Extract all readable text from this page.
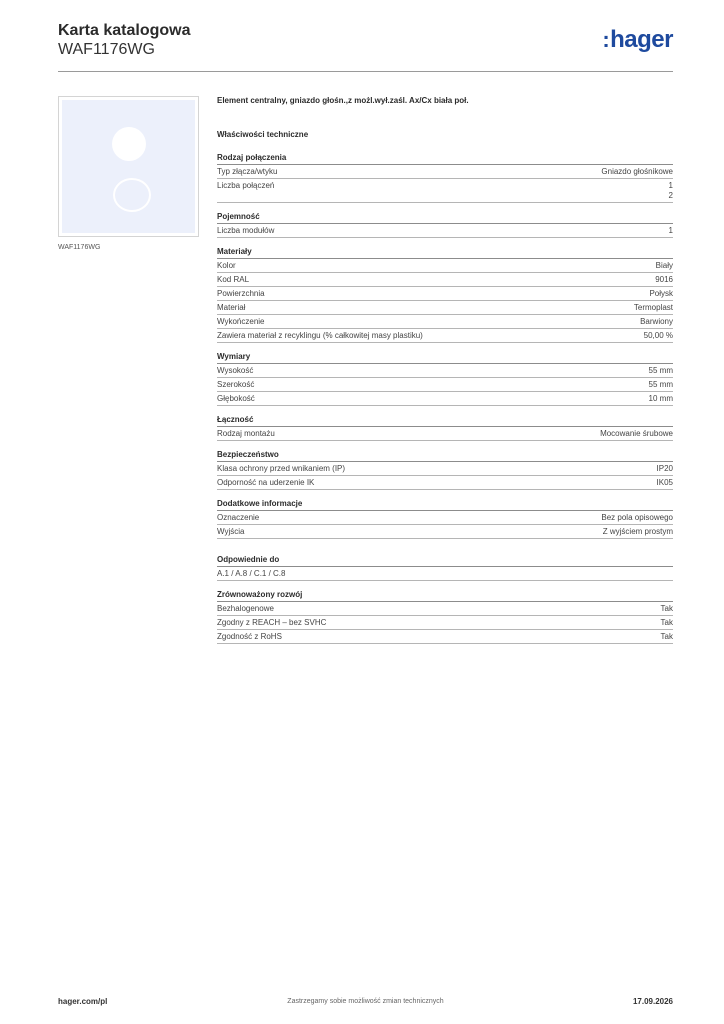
Karta katalogowa
WAF1176WG	:hager
WAF1176WG
Element centralny, gniazdo głośn.,z możl.wył.zaśl. Ax/Cx biała poł.
Właściwości techniczne
Rodzaj połączenia
Typ złącza/wtyku	Gniazdo głośnikowe
Liczba połączeń	1
2
Pojemność
Liczba modułów	1
Materiały
Kolor	Biały
Kod RAL	9016
Powierzchnia	Połysk
Materiał	Termoplast
Wykończenie	Barwiony
Zawiera materiał z recyklingu (% całkowitej masy plastiku)	50,00 %
Wymiary
Wysokość	55 mm
Szerokość	55 mm
Głębokość	10 mm
Łączność
Rodzaj montażu	Mocowanie śrubowe
Bezpieczeństwo
Klasa ochrony przed wnikaniem (IP)	IP20
Odporność na uderzenie IK	IK05
Dodatkowe informacje
Oznaczenie	Bez pola opisowego
Wyjścia	Z wyjściem prostym
Odpowiednie do
A.1 / A.8 / C.1 / C.8
Zrównoważony rozwój
Bezhalogenowe	Tak
Zgodny z REACH – bez SVHC	Tak
Zgodność z RoHS	Tak
hager.com/pl	Zastrzegamy sobie możliwość zmian technicznych	17.09.2026
